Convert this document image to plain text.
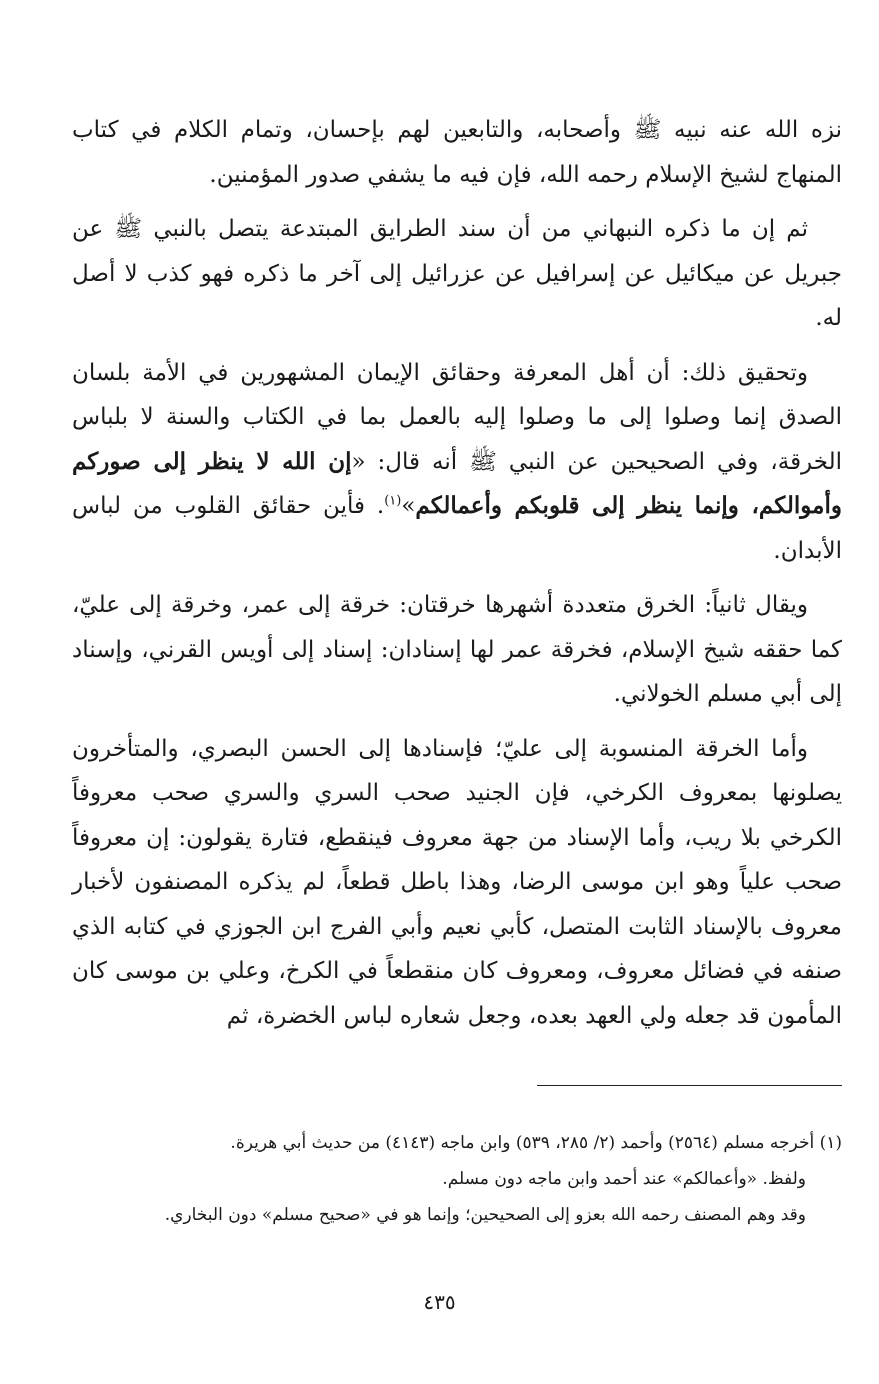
نزه الله عنه نبيه ﷺ وأصحابه، والتابعين لهم بإحسان، وتمام الكلام في كتاب المنهاج لشيخ الإسلام رحمه الله، فإن فيه ما يشفي صدور المؤمنين.

ثم إن ما ذكره النبهاني من أن سند الطرايق المبتدعة يتصل بالنبي ﷺ عن جبريل عن ميكائيل عن إسرافيل عن عزرائيل إلى آخر ما ذكره فهو كذب لا أصل له.

وتحقيق ذلك: أن أهل المعرفة وحقائق الإيمان المشهورين في الأمة بلسان الصدق إنما وصلوا إلى ما وصلوا إليه بالعمل بما في الكتاب والسنة لا بلباس الخرقة، وفي الصحيحين عن النبي ﷺ أنه قال: «إن الله لا ينظر إلى صوركم وأموالكم، وإنما ينظر إلى قلوبكم وأعمالكم»$^{(١)}$. فأين حقائق القلوب من لباس الأبدان.

ويقال ثانياً: الخرق متعددة أشهرها خرقتان: خرقة إلى عمر، وخرقة إلى عليّ، كما حققه شيخ الإسلام، فخرقة عمر لها إسنادان: إسناد إلى أويس القرني، وإسناد إلى أبي مسلم الخولاني.

وأما الخرقة المنسوبة إلى عليّ؛ فإسنادها إلى الحسن البصري، والمتأخرون يصلونها بمعروف الكرخي، فإن الجنيد صحب السري والسري صحب معروفاً الكرخي بلا ريب، وأما الإسناد من جهة معروف فينقطع، فتارة يقولون: إن معروفاً صحب علياً وهو ابن موسى الرضا، وهذا باطل قطعاً، لم يذكره المصنفون لأخبار معروف بالإسناد الثابت المتصل، كأبي نعيم وأبي الفرج ابن الجوزي في كتابه الذي صنفه في فضائل معروف، ومعروف كان منقطعاً في الكرخ، وعلي بن موسى كان المأمون قد جعله ولي العهد بعده، وجعل شعاره لباس الخضرة، ثم

(١) أخرجه مسلم (٢٥٦٤) وأحمد (٢/ ٢٨٥، ٥٣٩) وابن ماجه (٤١٤٣) من حديث أبي هريرة.

ولفظ. «وأعمالكم» عند أحمد وابن ماجه دون مسلم.

وقد وهم المصنف رحمه الله بعزو إلى الصحيحين؛ وإنما هو في «صحيح مسلم» دون البخاري.

٤٣٥
